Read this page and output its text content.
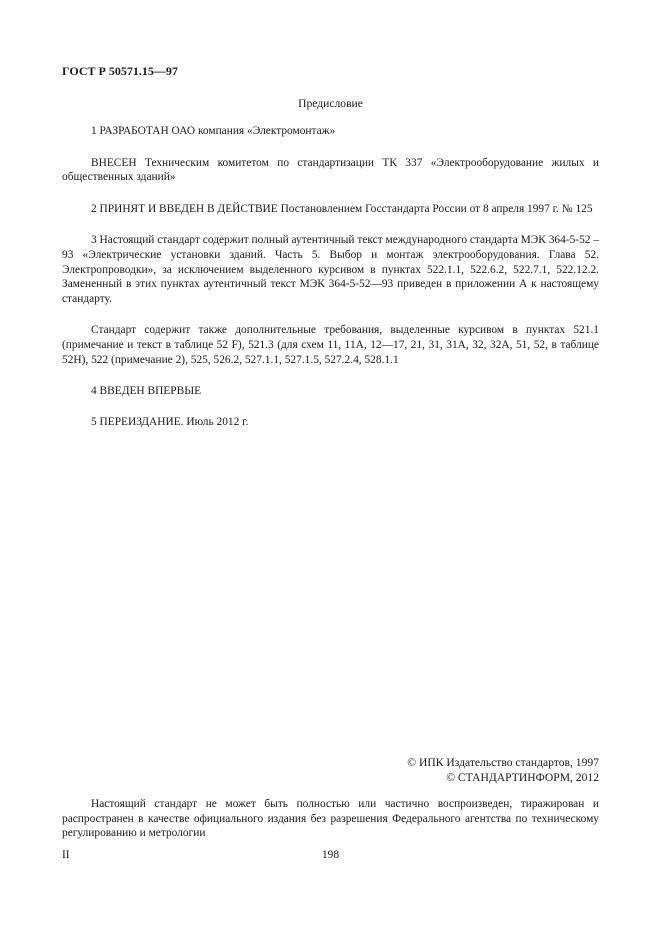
ГОСТ Р 50571.15—97
Предисловие

1 РАЗРАБОТАН ОАО компания «Электромонтаж»

ВНЕСЕН Техническим комитетом по стандартизации ТК 337 «Электрооборудование жилых и общественных зданий»

2 ПРИНЯТ И ВВЕДЕН В ДЕЙСТВИЕ Постановлением Госстандарта России от 8 апреля 1997 г. № 125

3 Настоящий стандарт содержит полный аутентичный текст международного стандарта МЭК 364-5-52 – 93 «Электрические установки зданий. Часть 5. Выбор и монтаж электрооборудования. Глава 52. Электропроводки», за исключением выделенного курсивом в пунктах 522.1.1, 522.6.2, 522.7.1, 522.12.2. Замененный в этих пунктах аутентичный текст МЭК 364-5-52—93 приведен в приложении А к настоящему стандарту.

Стандарт содержит также дополнительные требования, выделенные курсивом в пунктах 521.1 (примечание и текст в таблице 52 F), 521.3 (для схем 11, 11А, 12—17, 21, 31, 31А, 32, 32А, 51, 52, в таблице 52H), 522 (примечание 2), 525, 526.2, 527.1.1, 527.1.5, 527.2.4, 528.1.1

4 ВВЕДЕН ВПЕРВЫЕ

5 ПЕРЕИЗДАНИЕ. Июль 2012 г.

© ИПК Издательство стандартов, 1997
© СТАНДАРТИНФОРМ, 2012
Настоящий стандарт не может быть полностью или частично воспроизведен, тиражирован и распространен в качестве официального издания без разрешения Федерального агентства по техническому регулированию и метрологии
II	198
